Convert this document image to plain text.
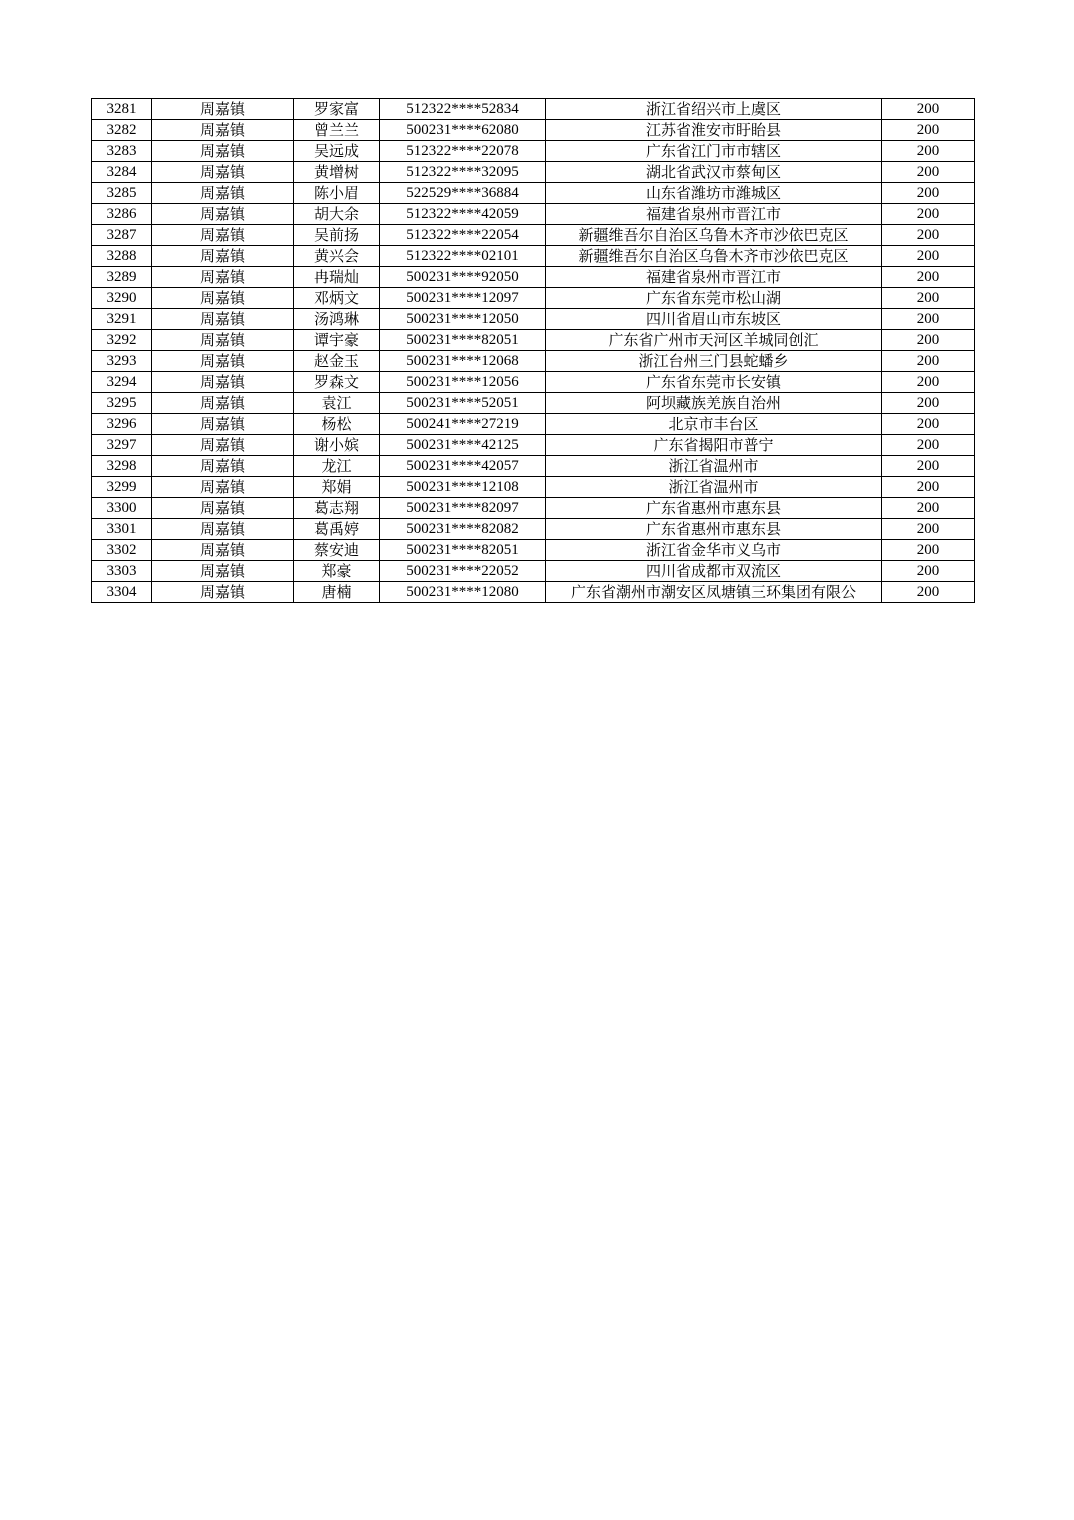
3281	周嘉镇	罗家富	512322****52834	浙江省绍兴市上虞区	200
3282	周嘉镇	曾兰兰	500231****62080	江苏省淮安市盱眙县	200
3283	周嘉镇	吴远成	512322****22078	广东省江门市市辖区	200
3284	周嘉镇	黄增树	512322****32095	湖北省武汉市蔡甸区	200
3285	周嘉镇	陈小眉	522529****36884	山东省潍坊市潍城区	200
3286	周嘉镇	胡大余	512322****42059	福建省泉州市晋江市	200
3287	周嘉镇	吴前扬	512322****22054	新疆维吾尔自治区乌鲁木齐市沙依巴克区	200
3288	周嘉镇	黄兴会	512322****02101	新疆维吾尔自治区乌鲁木齐市沙依巴克区	200
3289	周嘉镇	冉瑞灿	500231****92050	福建省泉州市晋江市	200
3290	周嘉镇	邓炳文	500231****12097	广东省东莞市松山湖	200
3291	周嘉镇	汤鸿琳	500231****12050	四川省眉山市东坡区	200
3292	周嘉镇	谭宇豪	500231****82051	广东省广州市天河区羊城同创汇	200
3293	周嘉镇	赵金玉	500231****12068	浙江台州三门县蛇蟠乡	200
3294	周嘉镇	罗森文	500231****12056	广东省东莞市长安镇	200
3295	周嘉镇	袁江	500231****52051	阿坝藏族羌族自治州	200
3296	周嘉镇	杨松	500241****27219	北京市丰台区	200
3297	周嘉镇	谢小嫔	500231****42125	广东省揭阳市普宁	200
3298	周嘉镇	龙江	500231****42057	浙江省温州市	200
3299	周嘉镇	郑娟	500231****12108	浙江省温州市	200
3300	周嘉镇	葛志翔	500231****82097	广东省惠州市惠东县	200
3301	周嘉镇	葛禹婷	500231****82082	广东省惠州市惠东县	200
3302	周嘉镇	蔡安迪	500231****82051	浙江省金华市义乌市	200
3303	周嘉镇	郑豪	500231****22052	四川省成都市双流区	200
3304	周嘉镇	唐楠	500231****12080	广东省潮州市潮安区凤塘镇三环集团有限公	200
